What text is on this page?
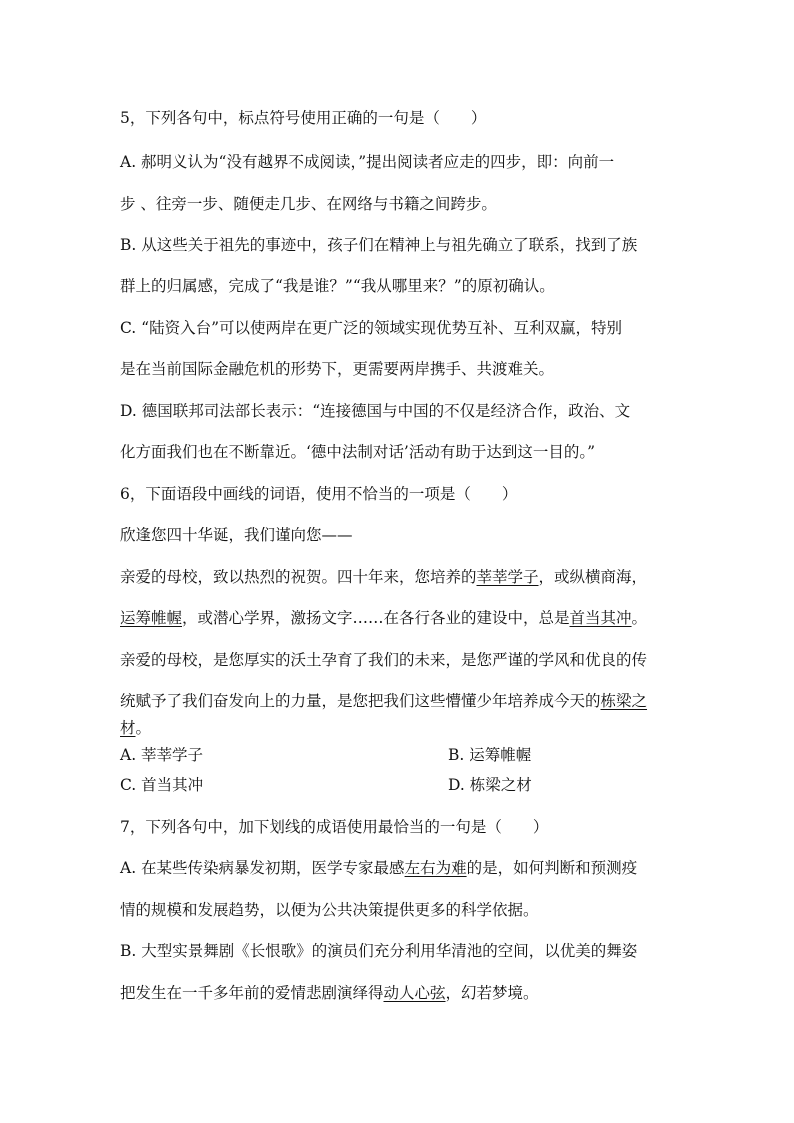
5，下列各句中，标点符号使用正确的一句是（　　）
A. 郝明义认为“没有越界不成阅读，”提出阅读者应走的四步，即：向前一
步 、往旁一步、随便走几步、在网络与书籍之间跨步。
B. 从这些关于祖先的事迹中，孩子们在精神上与祖先确立了联系，找到了族
群上的归属感，完成了“我是谁？”“我从哪里来？”的原初确认。
C. “陆资入台”可以使两岸在更广泛的领域实现优势互补、互利双赢，特别
是在当前国际金融危机的形势下，更需要两岸携手、共渡难关。
D. 德国联邦司法部长表示：“连接德国与中国的不仅是经济合作，政治、文
化方面我们也在不断靠近。‘德中法制对话’活动有助于达到这一目的。”
6，下面语段中画线的词语，使用不恰当的一项是（　　）
欣逢您四十华诞，我们谨向您——
亲爱的母校，致以热烈的祝贺。四十年来，您培养的莘莘学子，或纵横商海，
运筹帷幄，或潜心学界，激扬文字……在各行各业的建设中，总是首当其冲。
亲爱的母校，是您厚实的沃土孕育了我们的未来，是您严谨的学风和优良的传
统赋予了我们奋发向上的力量，是您把我们这些懵懂少年培养成今天的栋梁之
材。
A. 莘莘学子	B. 运筹帷幄
C. 首当其冲	D. 栋梁之材
7，下列各句中，加下划线的成语使用最恰当的一句是（　　）
A. 在某些传染病暴发初期，医学专家最感左右为难的是，如何判断和预测疫
情的规模和发展趋势，以便为公共决策提供更多的科学依据。
B. 大型实景舞剧《长恨歌》的演员们充分利用华清池的空间，以优美的舞姿
把发生在一千多年前的爱情悲剧演绎得动人心弦，幻若梦境。
